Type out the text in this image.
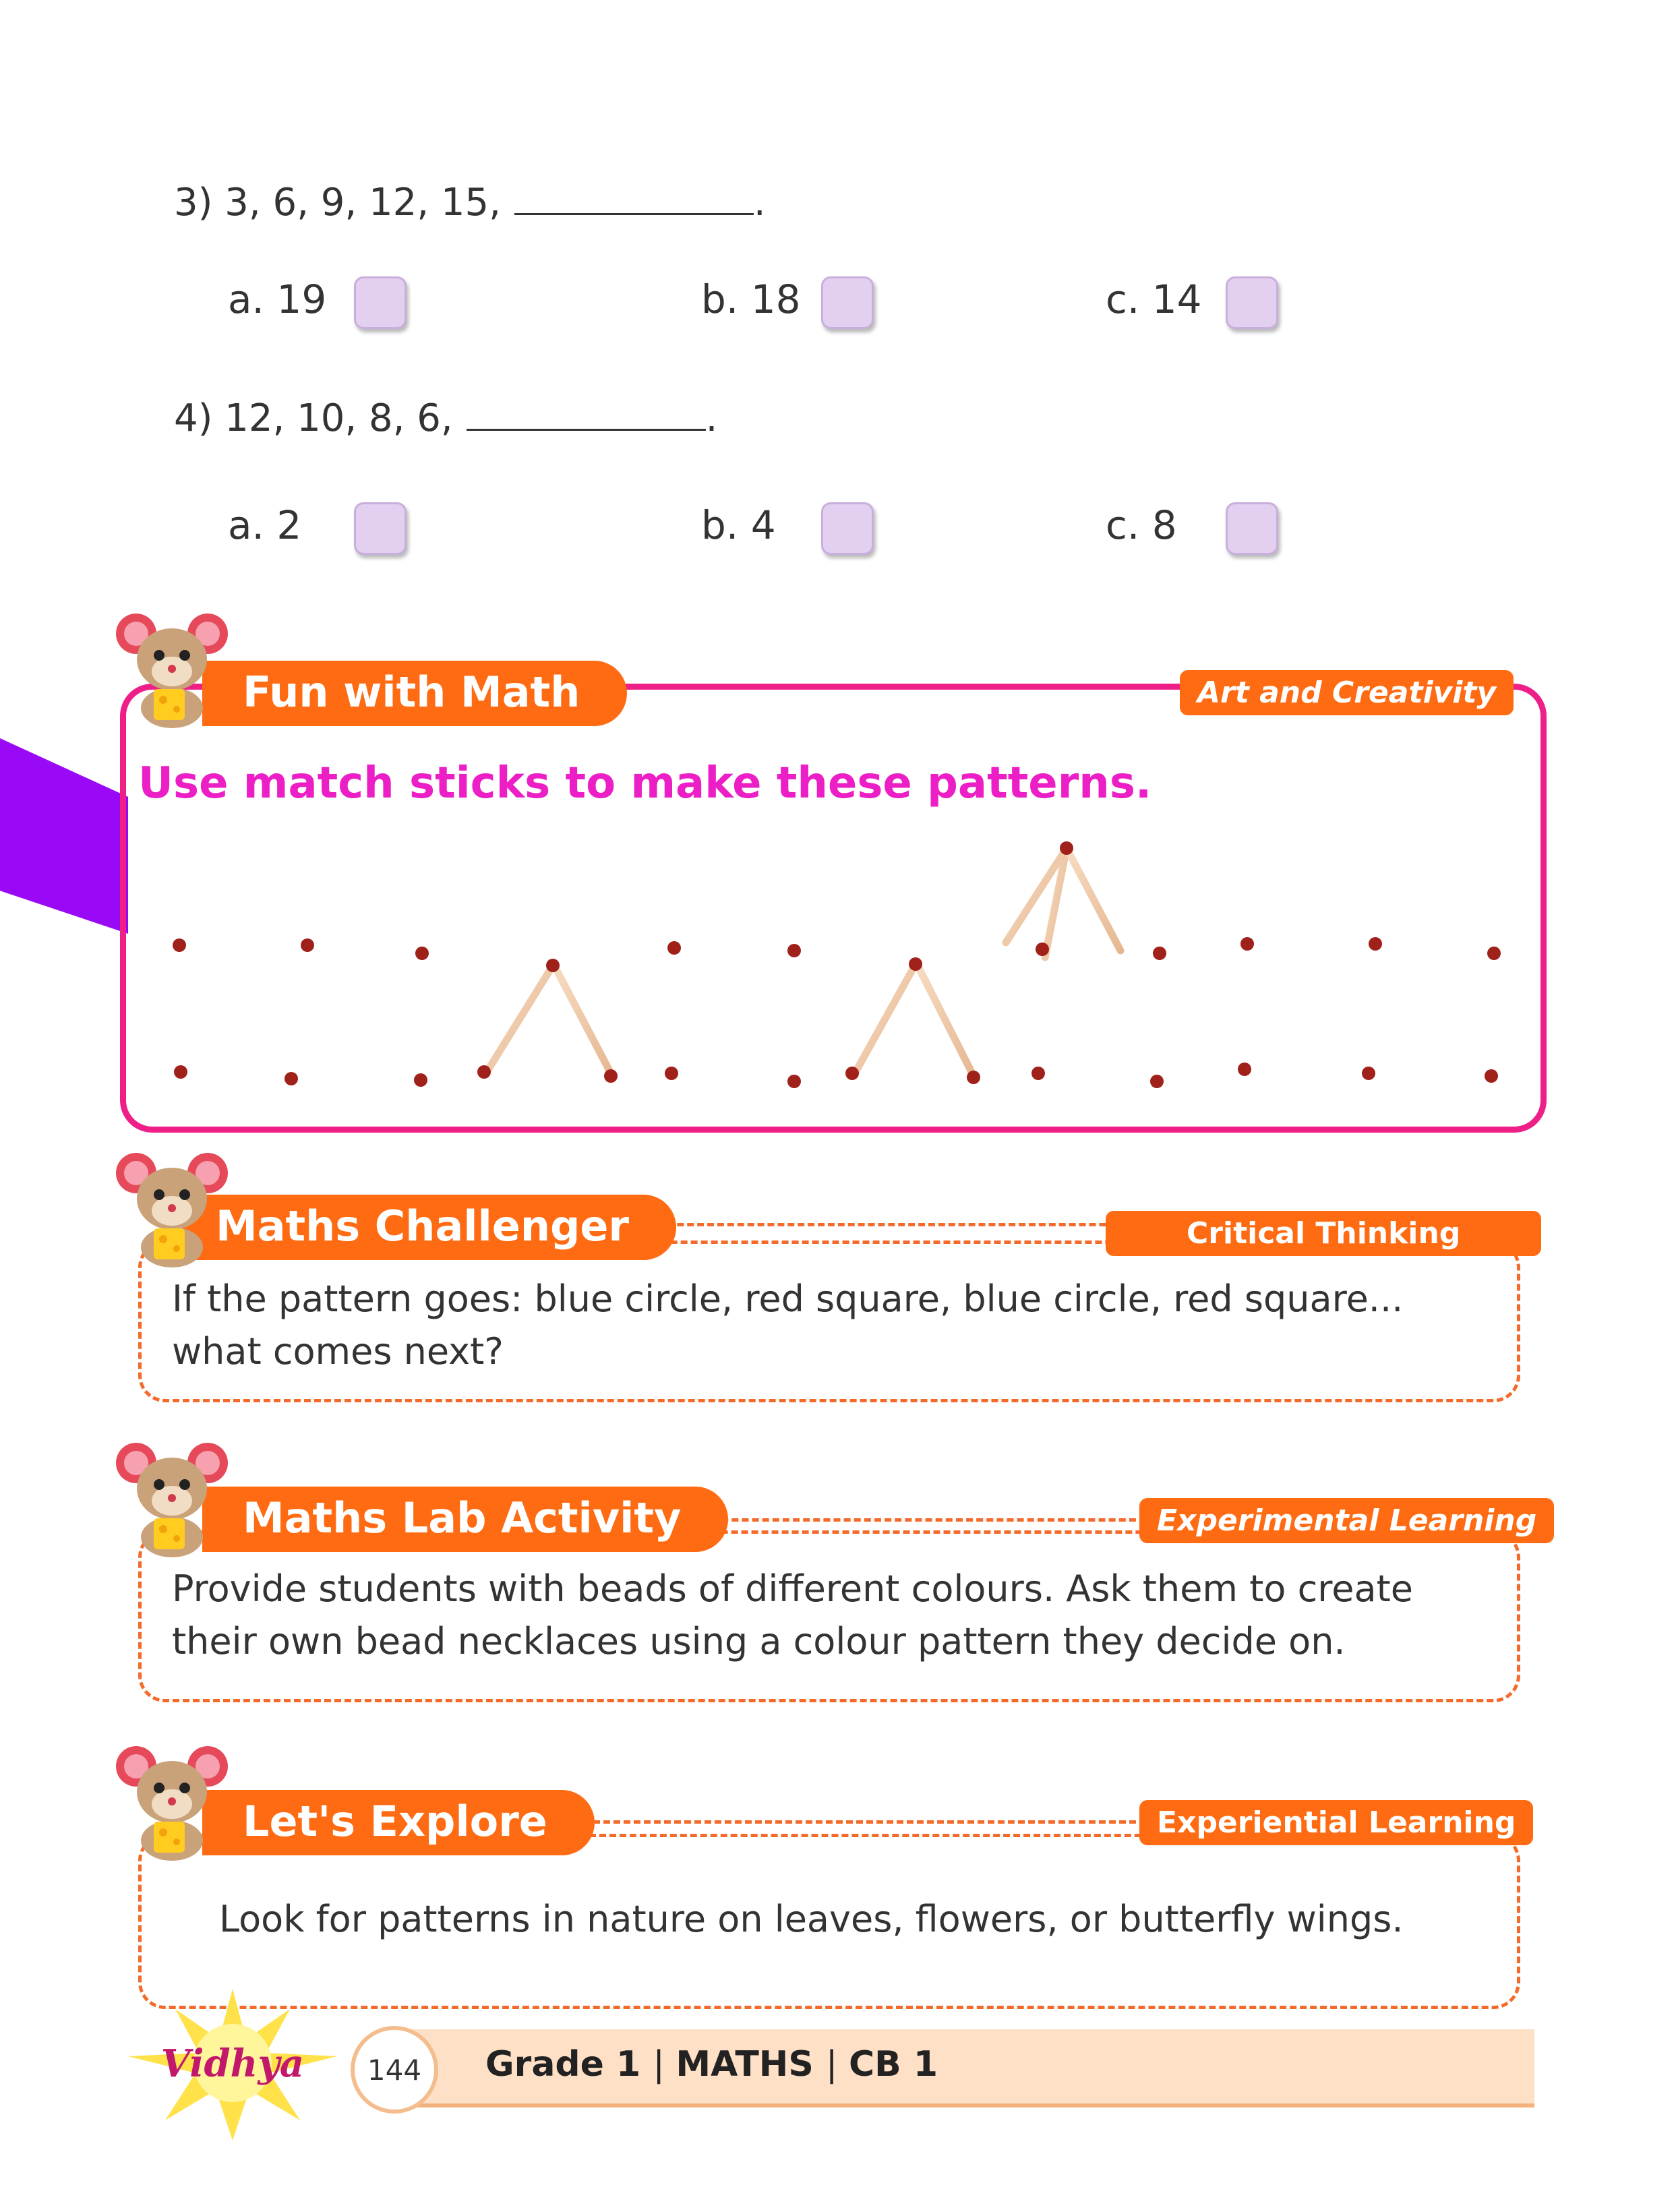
3) 3, 6, 9, 12, 15,	.
a. 19	b. 18	c. 14
4) 12, 10, 8, 6,	.
a. 2	b. 4	c. 8
Fun with Math	Art and Creativity
Use match sticks to make these patterns.
Maths Challenger	Critical Thinking
If the pattern goes: blue circle, red square, blue circle, red square...
what comes next?
Maths Lab Activity	Experimental Learning
Provide students with beads of different colours. Ask them to create
their own bead necklaces using a colour pattern they decide on.
Let's Explore	Experiential Learning
Look for patterns in nature on leaves, flowers, or butterfly wings.
Vidhya	144	Grade 1 | MATHS | CB 1
